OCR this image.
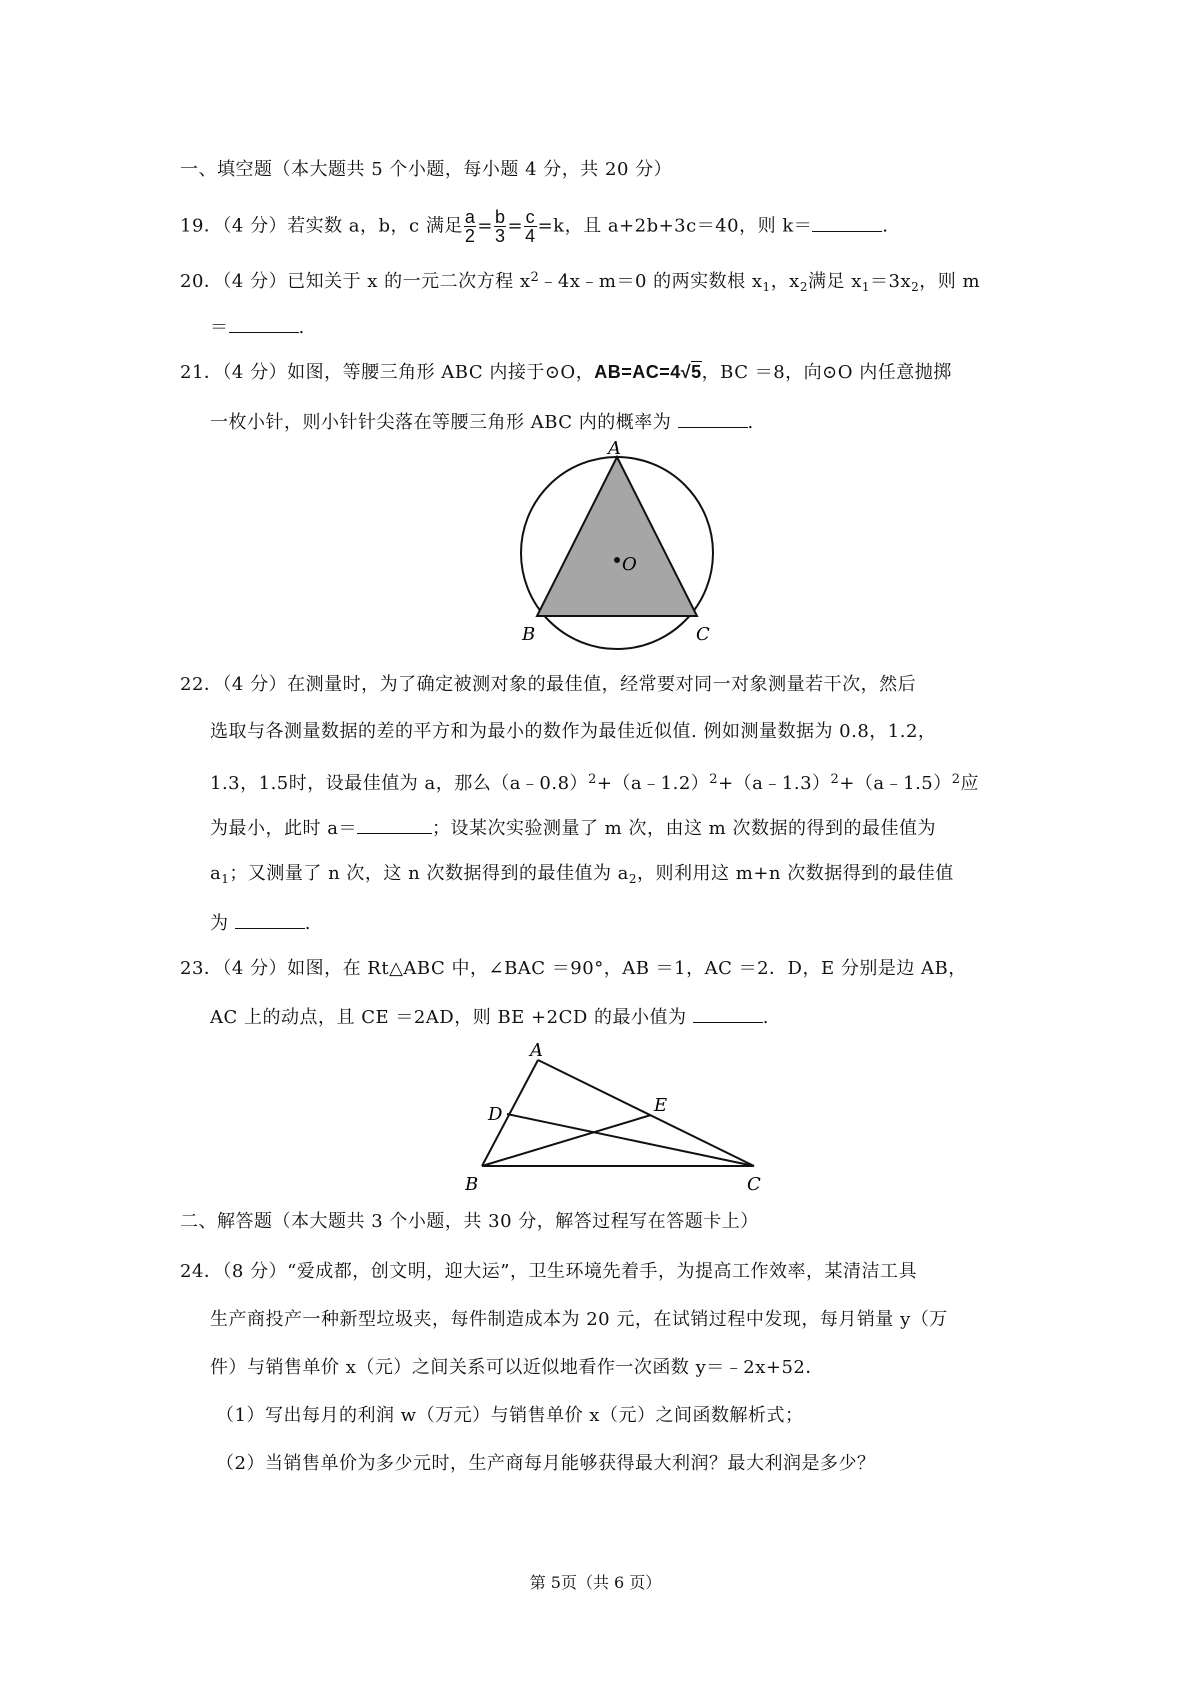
一、填空题（本大题共 5 个小题，每小题 4 分，共 20 分）
19．（4 分）若实数 a，b，c 满足 $\frac{a}{2} = \frac{b}{3} = \frac{c}{4} =k$，且 a+2b+3c＝40，则 k＝	.
20．（4 分）已知关于 x 的一元二次方程 $x^2﹣4x﹣m=0$ 的两实数根 $x_1$，$x_2$满足 $x_1=3x_2$，则 m
＝	.
21．（4 分）如图，等腰三角形 ABC 内接于⊙O，AB=AC=4√5，BC ＝8，向⊙O 内任意抛掷
一枚小针，则小针针尖落在等腰三角形 ABC 内的概率为	.
A
B	C
O
22．（4 分）在测量时，为了确定被测对象的最佳值，经常要对同一对象测量若干次，然后
选取与各测量数据的差的平方和为最小的数作为最佳近似值. 例如测量数据为 0.8，1.2，
1.3，1.5时，设最佳值为 a，那么（a﹣0.8）$^2$+（a﹣1.2）$^2$+（a﹣1.3）$^2$+（a﹣1.5）$^2$应
为最小，此时 a＝	；设某次实验测量了 m 次，由这 m 次数据的得到的最佳值为
$a_1$；又测量了 n 次，这 n 次数据得到的最佳值为 $a_2$，则利用这 m+n 次数据得到的最佳值
为	.
23．（4 分）如图，在 Rt△ABC 中，∠BAC ＝90°，AB ＝1，AC ＝2．D，E 分别是边 AB，
AC 上的动点，且 CE ＝2AD，则 BE +2CD 的最小值为	.
A
D	E
B	C
二、解答题（本大题共 3 个小题，共 30 分，解答过程写在答题卡上）
24．（8 分）“爱成都，创文明，迎大运”，卫生环境先着手，为提高工作效率，某清洁工具
生产商投产一种新型垃圾夹，每件制造成本为 20 元，在试销过程中发现，每月销量 y（万
件）与销售单价 x（元）之间关系可以近似地看作一次函数 y＝﹣2x+52．
（1）写出每月的利润 w（万元）与销售单价 x（元）之间函数解析式；
（2）当销售单价为多少元时，生产商每月能够获得最大利润？最大利润是多少？
第 5页（共 6 页）
